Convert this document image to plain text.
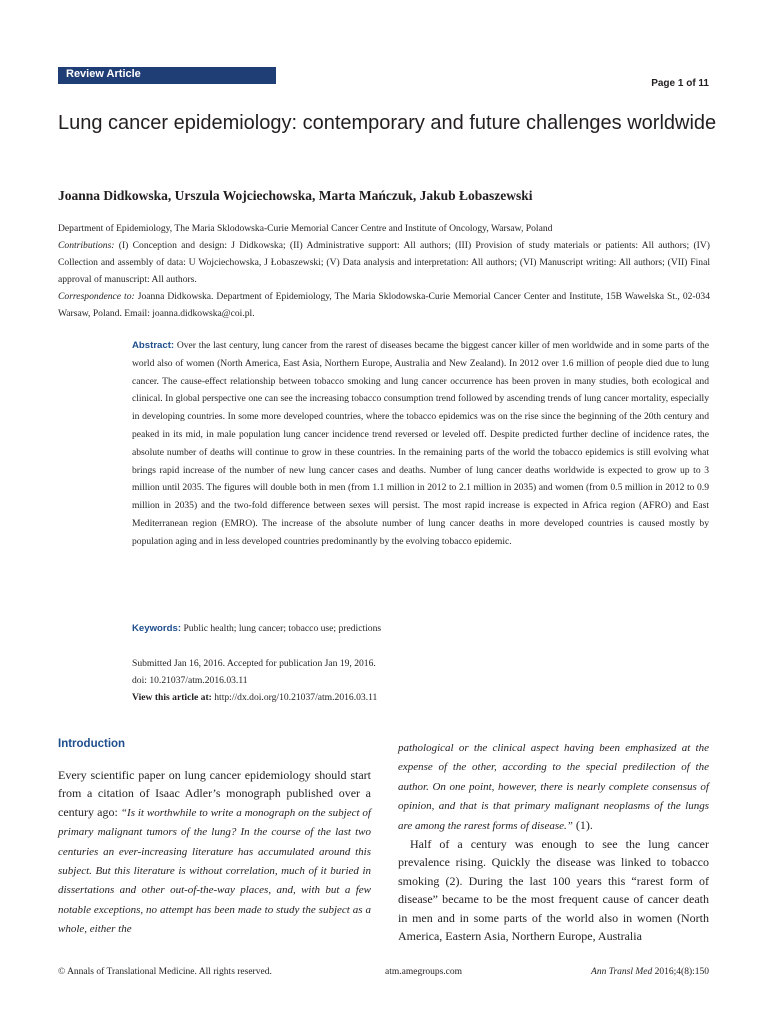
Review Article
Page 1 of 11
Lung cancer epidemiology: contemporary and future challenges worldwide
Joanna Didkowska, Urszula Wojciechowska, Marta Mańczuk, Jakub Łobaszewski
Department of Epidemiology, The Maria Sklodowska-Curie Memorial Cancer Centre and Institute of Oncology, Warsaw, Poland
Contributions: (I) Conception and design: J Didkowska; (II) Administrative support: All authors; (III) Provision of study materials or patients: All authors; (IV) Collection and assembly of data: U Wojciechowska, J Łobaszewski; (V) Data analysis and interpretation: All authors; (VI) Manuscript writing: All authors; (VII) Final approval of manuscript: All authors.
Correspondence to: Joanna Didkowska. Department of Epidemiology, The Maria Sklodowska-Curie Memorial Cancer Center and Institute, 15B Wawelska St., 02-034 Warsaw, Poland. Email: joanna.didkowska@coi.pl.
Abstract: Over the last century, lung cancer from the rarest of diseases became the biggest cancer killer of men worldwide and in some parts of the world also of women (North America, East Asia, Northern Europe, Australia and New Zealand). In 2012 over 1.6 million of people died due to lung cancer. The cause-effect relationship between tobacco smoking and lung cancer occurrence has been proven in many studies, both ecological and clinical. In global perspective one can see the increasing tobacco consumption trend followed by ascending trends of lung cancer mortality, especially in developing countries. In some more developed countries, where the tobacco epidemics was on the rise since the beginning of the 20th century and peaked in its mid, in male population lung cancer incidence trend reversed or leveled off. Despite predicted further decline of incidence rates, the absolute number of deaths will continue to grow in these countries. In the remaining parts of the world the tobacco epidemics is still evolving what brings rapid increase of the number of new lung cancer cases and deaths. Number of lung cancer deaths worldwide is expected to grow up to 3 million until 2035. The figures will double both in men (from 1.1 million in 2012 to 2.1 million in 2035) and women (from 0.5 million in 2012 to 0.9 million in 2035) and the two-fold difference between sexes will persist. The most rapid increase is expected in Africa region (AFRO) and East Mediterranean region (EMRO). The increase of the absolute number of lung cancer deaths in more developed countries is caused mostly by population aging and in less developed countries predominantly by the evolving tobacco epidemic.
Keywords: Public health; lung cancer; tobacco use; predictions
Submitted Jan 16, 2016. Accepted for publication Jan 19, 2016.
doi: 10.21037/atm.2016.03.11
View this article at: http://dx.doi.org/10.21037/atm.2016.03.11
Introduction
Every scientific paper on lung cancer epidemiology should start from a citation of Isaac Adler’s monograph published over a century ago: “Is it worthwhile to write a monograph on the subject of primary malignant tumors of the lung? In the course of the last two centuries an ever-increasing literature has accumulated around this subject. But this literature is without correlation, much of it buried in dissertations and other out-of-the-way places, and, with but a few notable exceptions, no attempt has been made to study the subject as a whole, either the

pathological or the clinical aspect having been emphasized at the expense of the other, according to the special predilection of the author. On one point, however, there is nearly complete consensus of opinion, and that is that primary malignant neoplasms of the lungs are among the rarest forms of disease.” (1).

Half of a century was enough to see the lung cancer prevalence rising. Quickly the disease was linked to tobacco smoking (2). During the last 100 years this “rarest form of disease” became to be the most frequent cause of cancer death in men and in some parts of the world also in women (North America, Eastern Asia, Northern Europe, Australia

© Annals of Translational Medicine. All rights reserved.	atm.amegroups.com	Ann Transl Med 2016;4(8):150
